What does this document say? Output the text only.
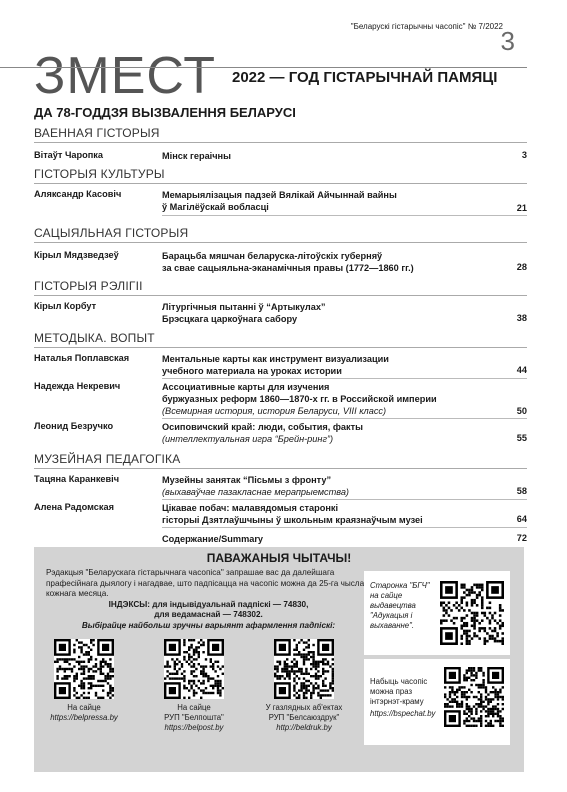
"Беларускі гістарычны часопіс" № 7/2022
3
ЗМЕСТ 2022 — ГОД ГІСТАРЫЧНАЙ ПАМЯЦІ
ДА 78-ГОДДЗЯ ВЫЗВАЛЕННЯ БЕЛАРУСІ
ВАЕННАЯ ГІСТОРЫЯ
ГІСТОРЫЯ КУЛЬТУРЫ
САЦЫЯЛЬНАЯ ГІСТОРЫЯ
ГІСТОРЫЯ РЭЛІГІІ
МЕТОДЫКА. ВОПЫТ
МУЗЕЙНАЯ ПЕДАГОГІКА
Вітаўт Чаропка	Мінск гераічны	3
Аляксандр Касовіч	Мемарыялізацыя падзей Вялікай Айчыннай вайны
ў Магілёўскай вобласці	21
Кірыл Мядзведзеў	Барацьба мяшчан беларуска-літоўскіх губерняў
за свае сацыяльна-эканамічныя правы (1772—1860 гг.)	28
Кірыл Корбут	Літургічныя пытанні ў “Артыкулах”
Брэсцкага царкоўнага сабору	38
Наталья Поплавская	Ментальные карты как инструмент визуализации
учебного материала на уроках истории	44
Надежда Некревич	Ассоциативные карты для изучения
буржуазных реформ 1860—1870-х гг. в Российской империи
(Всемирная история, история Беларуси, VIII класс)	50
Леонид Безручко	Осиповичский край: люди, события, факты
(интеллектуальная игра “Брейн-ринг”)	55
Тацяна Каранкевіч	Музейны занятак “Пісьмы з фронту”
(выхаваўчае пазакласнае мерапрыемства)	58
Алена Радомская	Цікавае побач: малавядомыя старонкі
гісторыі Дзятлаўшчыны ў школьным краязнаўчым музеі	64
Содержание/Summary	72
ПАВАЖАНЫЯ ЧЫТАЧЫ!
Рэдакцыя "Беларускага гістарычнага часопіса" запрашае вас да далейшага прафесійнага дыялогу і нагадвае, што падпісацца на часопіс можна да 25-га чысла кожнага месяца.
ІНДЭКСЫ: для індывідуальнай падпіскі — 74830,
для ведамаснай — 748302.
Выбірайце найбольш зручны варыянт афармлення падпіскі:
На сайце
https://belpressa.by
На сайце
РУП "Белпошта"
https://belpost.by
У газлядных аб'ектах
РУП "Белсаюздрук"
http://beldruk.by
Старонка "БГЧ" на сайце выдавецтва "Адукацыя і выхаванне".
Набыць часопіс можна праз інтэрнэт-краму
https://bspechat.by
